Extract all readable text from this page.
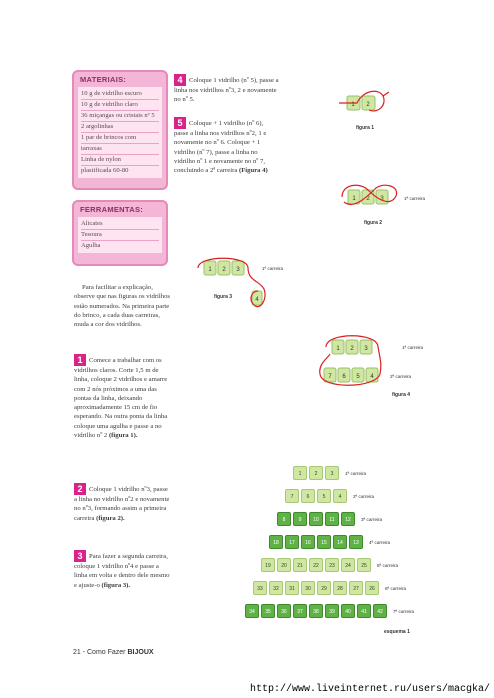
MATERIAIS:
10 g de vidrilho escuro
10 g de vidrilho claro
36 miçangas ou cristais nº 5
2 argolinhas
1 par de brincos com
tarraxas
Linha de nylon
plastificada 60-80
FERRAMENTAS:
Alicates
Tesoura
Agulha
Para facilitar a explicação, observe que nas figuras os vidrilhos estão numerados. Na primeira parte do brinco, a cada duas carreiras, muda a cor dos vidrilhos.
1 Comece a trabalhar com os vidrilhos claros. Corte 1,5 m de linha, coloque 2 vidrilhos e amarre com 2 nós próximos a uma das pontas da linha, deixando aproximadamente 15 cm de fio esperando. Na outra ponta da linha coloque uma agulha e passe a no vidrilho nº 2 (figura 1).
2 Coloque 1 vidrilho nº3, passe a linha no vidrilho nº2 e novamente no nº3, formando assim a primeira carreira (figura 2).
3 Para fazer a segunda carreira, coloque 1 vidrilho nº4 e passe a linha em volta e dentro dele mesmo e ajuste-o (figura 3).
4 Coloque 1 vidrilho (nº 5), passe a linha nos vidrilhos nº3, 2 e novamente no nº 5.
5 Coloque + 1 vidrilho (nº 6), passe a linha nos vidrilhos nº2, 1 e novamente no nº 6. Coloque + 1 vidrilho (nº 7), passe a linha no vidrilho nº 1 e novamente no nº 7, concluindo a 2ª carreira (Figura 4)
1 2
figura 1
1 2 3	1ª carreira
figura 2
1 2 3
4
1ª carreira
figura 3
1 2 3
7 6 5 4
1ª carreira
2ª carreira
figura 4
1	2	3	1ª carreira
7	6	5	4	2ª carreira
8	9	10	11	12	3ª carreira
18	17	16	15	14	13	4ª carreira
19	20	21	22	23	24	25	5ª carreira
33	32	31	30	29	28	27	26	6ª carreira
34	35	36	37	38	39	40	41	42	7ª carreira
esquema 1
21 - Como Fazer BIJOUX
http://www.liveinternet.ru/users/macgka/
